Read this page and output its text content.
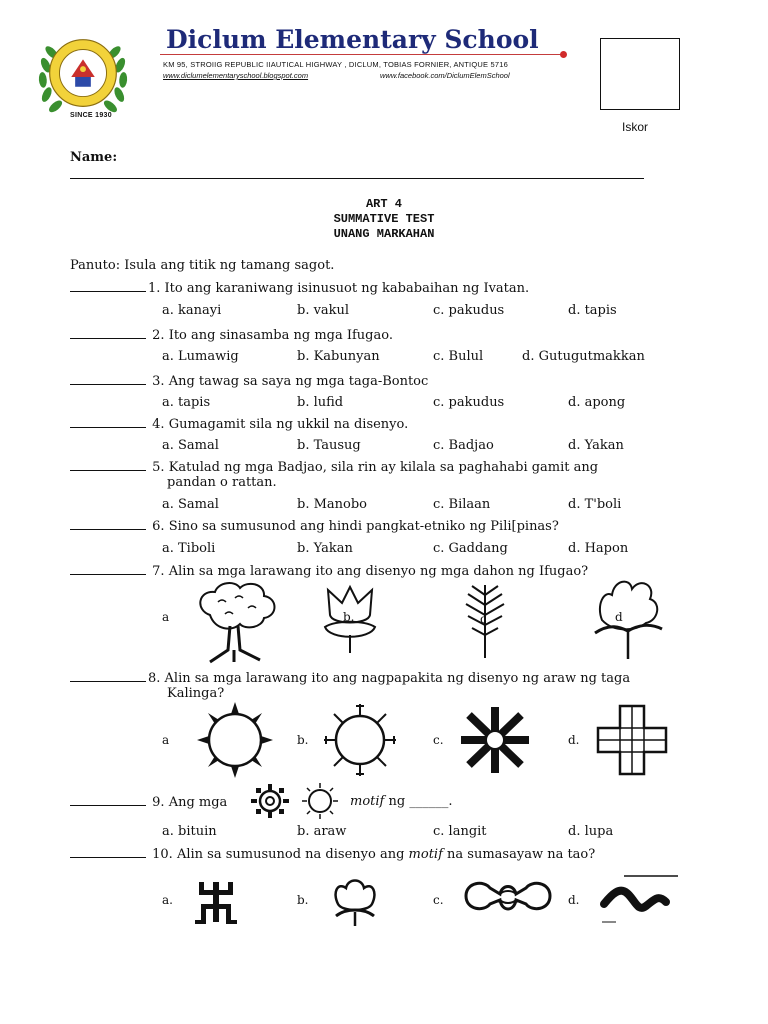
SINCE 1930
Diclum Elementary School
KM 95, STROIIG REPUBLIC IIAUTICAL HIGHWAY , DICLUM, TOBIAS FORNIER, ANTIQUE 5716
www.diclumelementaryschool.blogspot.com	www.facebook.com/DiclumElemSchool
Iskor
Name:
ART 4
SUMMATIVE TEST
UNANG MARKAHAN
Panuto: Isula ang titik ng tamang sagot.
1. Ito ang karaniwang isinusuot ng kababaihan ng Ivatan.
a. kanayi	b. vakul	c. pakudus	d. tapis
2. Ito ang sinasamba ng mga Ifugao.
a. Lumawig	b. Kabunyan	c. Bulul	d. Gutugutmakkan
3. Ang tawag sa saya ng mga taga-Bontoc
a. tapis	b. lufid	c. pakudus	d. apong
4. Gumagamit sila ng ukkil na disenyo.
a. Samal	b. Tausug	c. Badjao	d. Yakan
5. Katulad ng mga Badjao, sila rin ay kilala sa paghahabi gamit ang
pandan o rattan.
a. Samal	b. Manobo	c. Bilaan	d. T'boli
6. Sino sa sumusunod ang hindi pangkat-etniko ng Pili[pinas?
a. Tiboli	b. Yakan	c. Gaddang	d. Hapon
7. Alin sa mga larawang ito ang disenyo ng mga dahon ng Ifugao?
a	b.	c	d
8. Alin sa mga larawang ito ang nagpapakita ng disenyo ng araw ng taga
Kalinga?
a	b.	c.	d.
9. Ang mga	motif ng ______.
a. bituin	b. araw	c. langit	d. lupa
10. Alin sa sumusunod na disenyo ang motif na sumasayaw na tao?
a.	b.	c.	d.
